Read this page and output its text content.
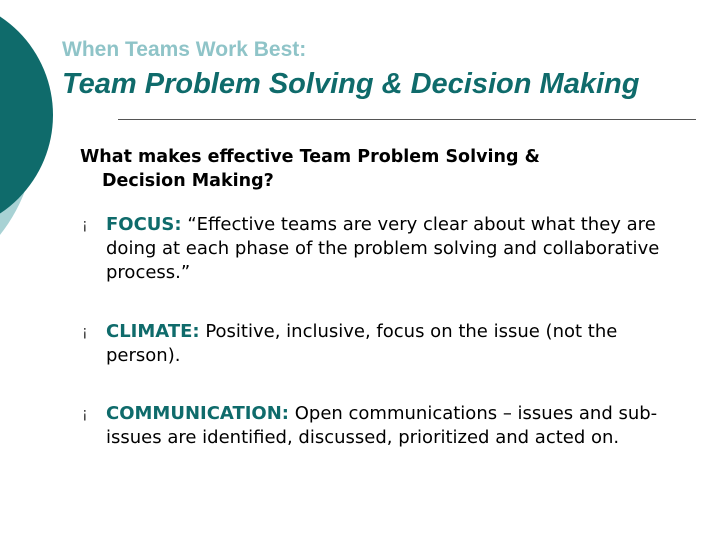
When Teams Work Best:
Team Problem Solving & Decision Making
What makes effective Team Problem Solving &
Decision Making?
¡	FOCUS: “Effective teams are very clear about what they are doing at each phase of the problem solving and collaborative process.”
¡	CLIMATE: Positive, inclusive, focus on the issue (not the person).
¡	COMMUNICATION: Open communications – issues and sub-issues are identified, discussed, prioritized and acted on.
